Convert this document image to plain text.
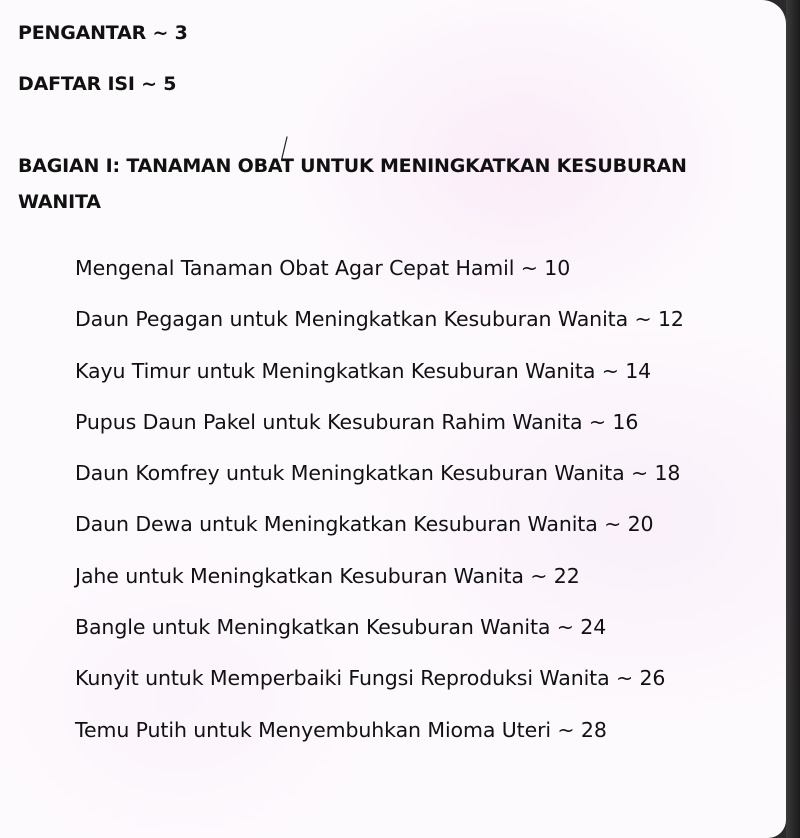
PENGANTAR ~ 3

DAFTAR ISI ~ 5

BAGIAN I: TANAMAN OBAT UNTUK MENINGKATKAN KESUBURAN WANITA

Mengenal Tanaman Obat Agar Cepat Hamil ~ 10
Daun Pegagan untuk Meningkatkan Kesuburan Wanita ~ 12
Kayu Timur untuk Meningkatkan Kesuburan Wanita ~ 14
Pupus Daun Pakel untuk Kesuburan Rahim Wanita ~ 16
Daun Komfrey untuk Meningkatkan Kesuburan Wanita ~ 18
Daun Dewa untuk Meningkatkan Kesuburan Wanita ~ 20
Jahe untuk Meningkatkan Kesuburan Wanita ~ 22
Bangle untuk Meningkatkan Kesuburan Wanita ~ 24
Kunyit untuk Memperbaiki Fungsi Reproduksi Wanita ~ 26
Temu Putih untuk Menyembuhkan Mioma Uteri ~ 28
